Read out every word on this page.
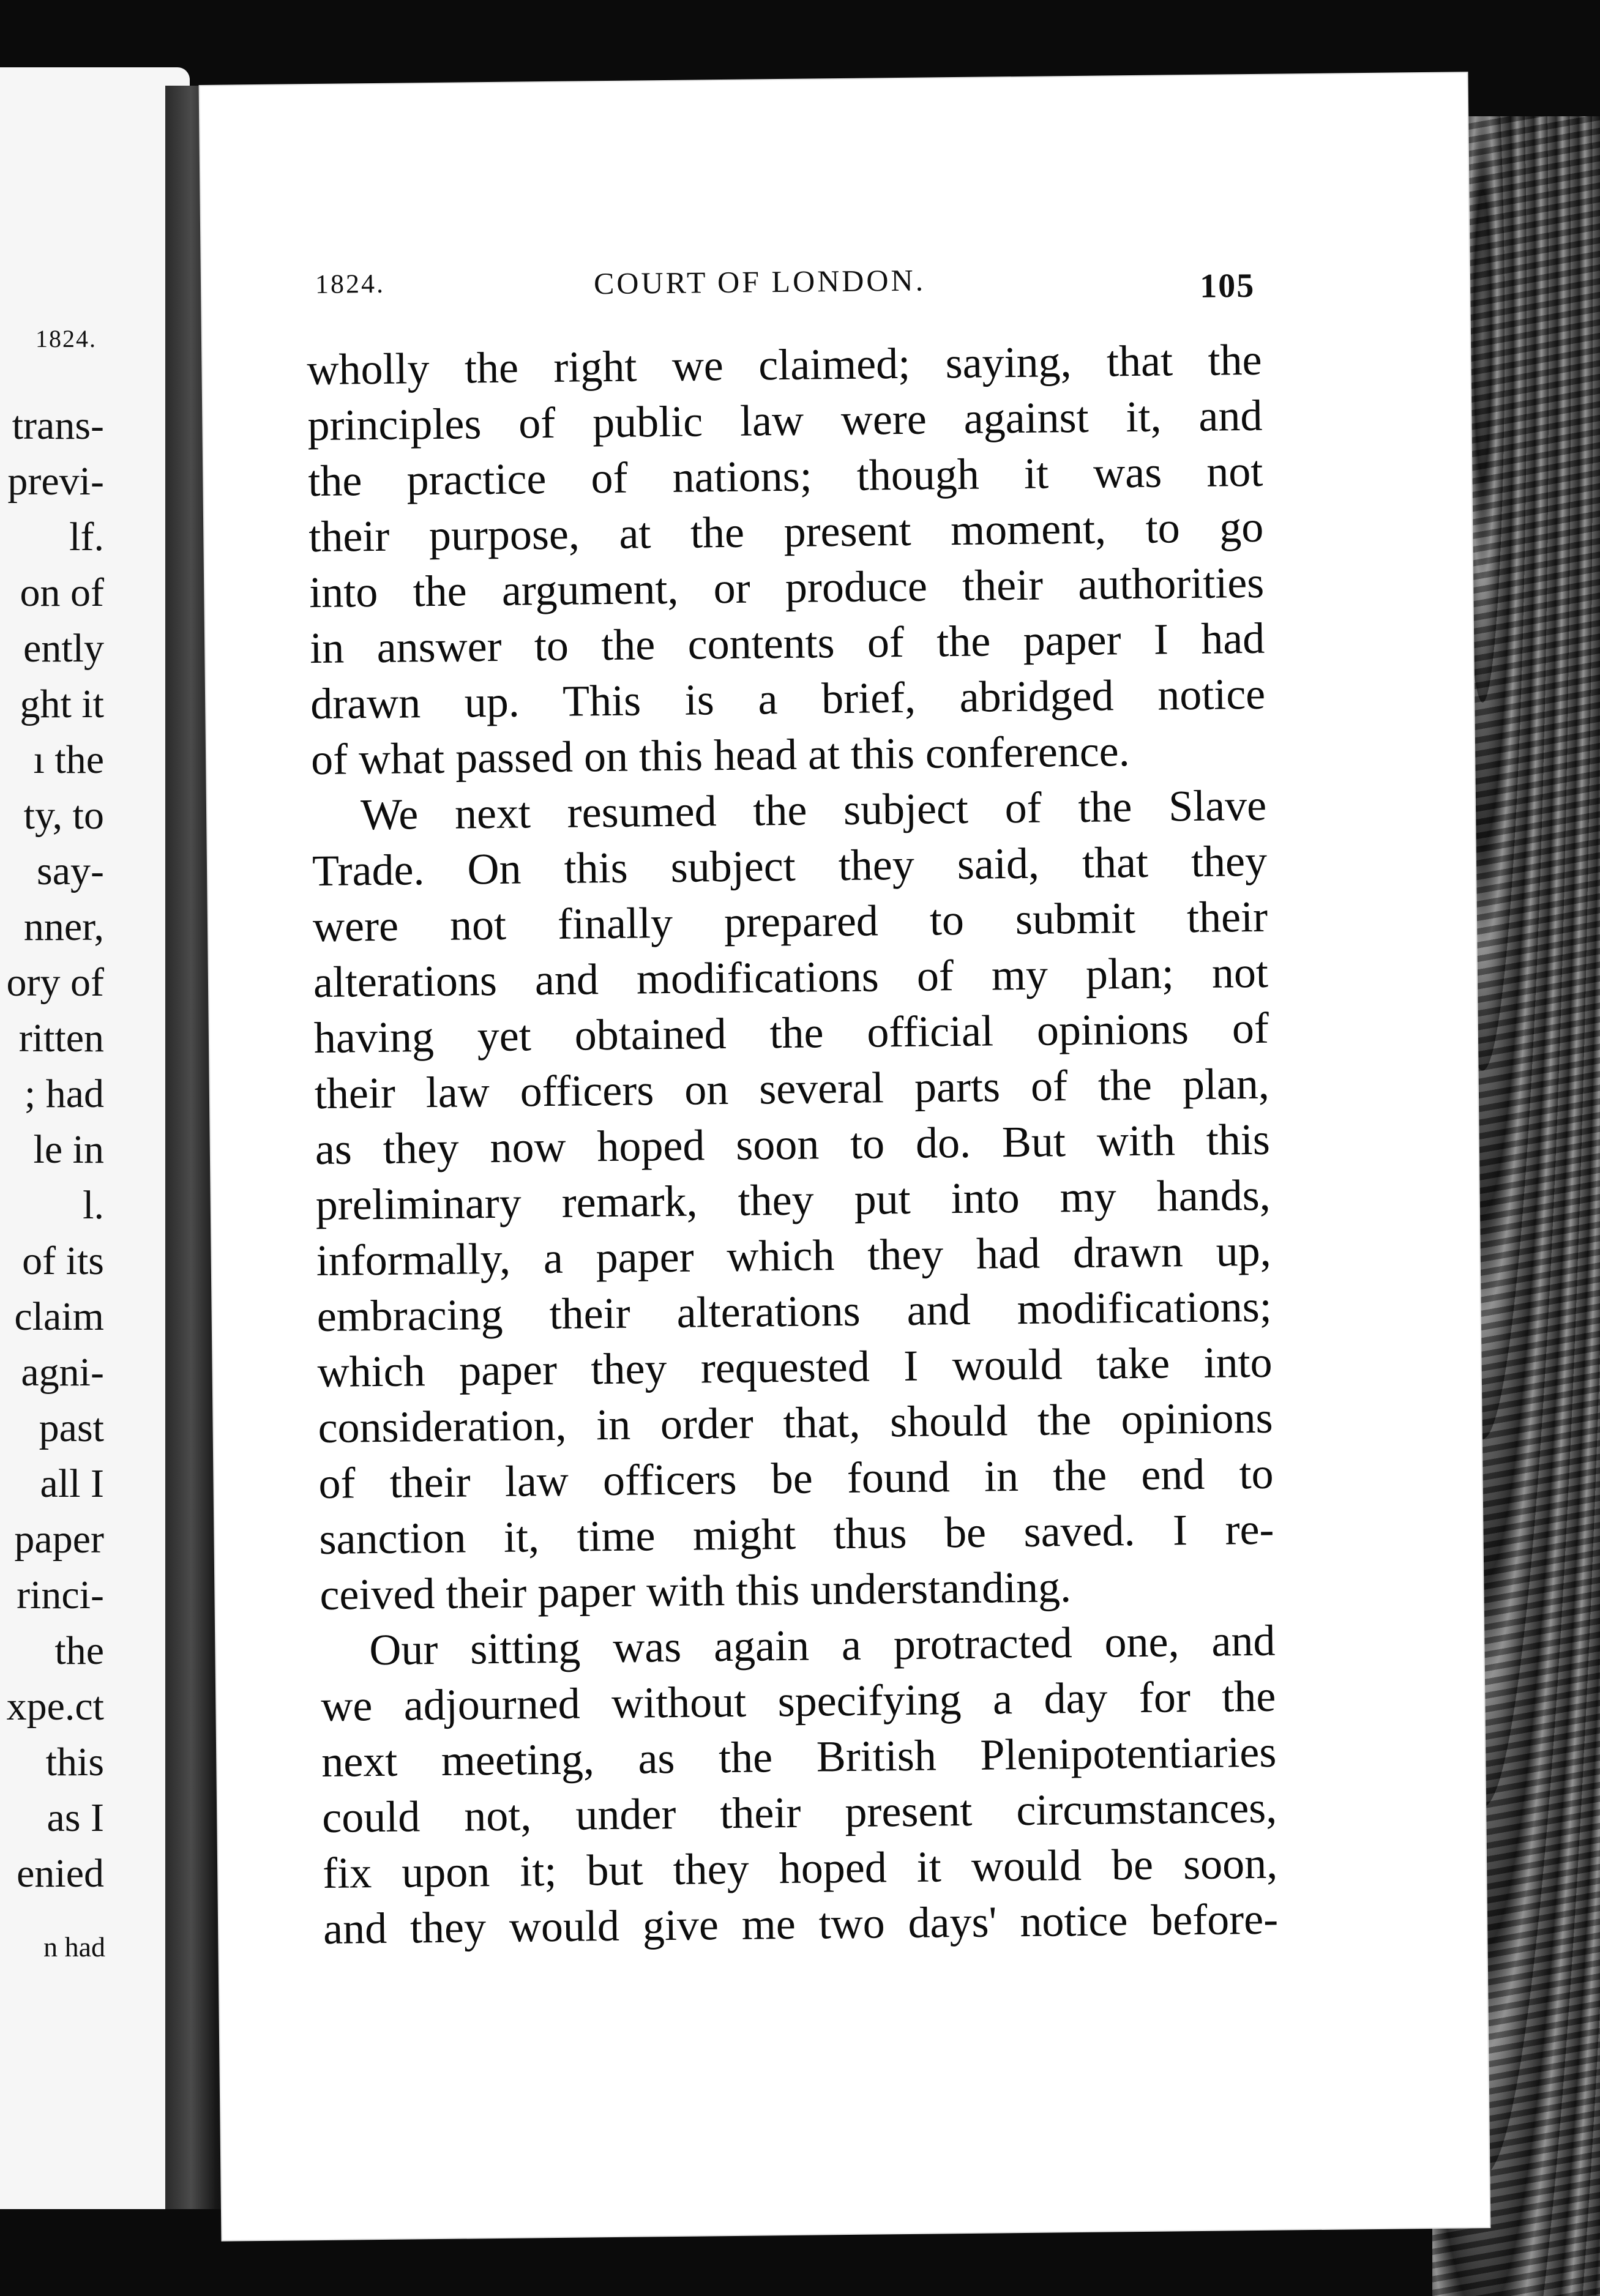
1824.
trans-
previ-
lf.
on of
ently
ght it
ı the
ty, to
say-
nner,
ory of
ritten
; had
le in
l.
of its
claim
agni-
past
all I
paper
rinci-
the
xpe.ct
this
as I
enied
n had
1824.	COURT OF LONDON.	105
wholly the right we claimed; saying, that the
principles of public law were against it, and
the practice of nations; though it was not
their purpose, at the present moment, to go
into the argument, or produce their authorities
in answer to the contents of the paper I had
drawn up. This is a brief, abridged notice
of what passed on this head at this conference.
We next resumed the subject of the Slave
Trade. On this subject they said, that they
were not finally prepared to submit their
alterations and modifications of my plan; not
having yet obtained the official opinions of
their law officers on several parts of the plan,
as they now hoped soon to do. But with this
preliminary remark, they put into my hands,
informally, a paper which they had drawn up,
embracing their alterations and modifications;
which paper they requested I would take into
consideration, in order that, should the opinions
of their law officers be found in the end to
sanction it, time might thus be saved. I re-
ceived their paper with this understanding.
Our sitting was again a protracted one, and
we adjourned without specifying a day for the
next meeting, as the British Plenipotentiaries
could not, under their present circumstances,
fix upon it; but they hoped it would be soon,
and they would give me two days' notice before-
